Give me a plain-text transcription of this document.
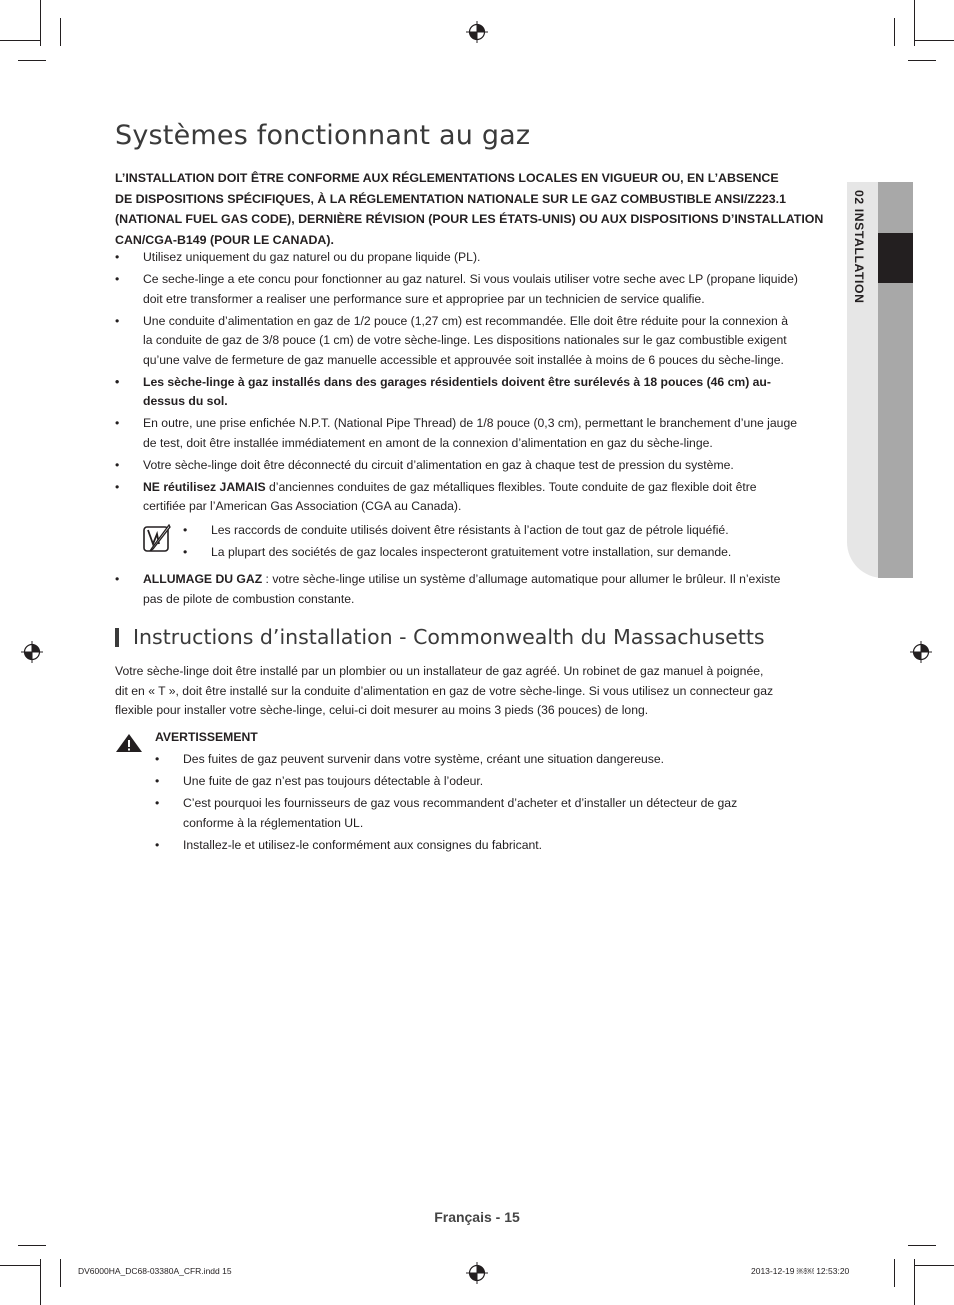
02 INSTALLATION
Systèmes fonctionnant au gaz

L’INSTALLATION DOIT ÊTRE CONFORME AUX RÉGLEMENTATIONS LOCALES EN VIGUEUR OU, EN L’ABSENCE
DE DISPOSITIONS SPÉCIFIQUES, À LA RÉGLEMENTATION NATIONALE SUR LE GAZ COMBUSTIBLE ANSI/Z223.1
(NATIONAL FUEL GAS CODE), DERNIÈRE RÉVISION (POUR LES ÉTATS-UNIS) OU AUX DISPOSITIONS D’INSTALLATION
CAN/CGA-B149 (POUR LE CANADA).

• Utilisez uniquement du gaz naturel ou du propane liquide (PL).
• Ce seche-linge a ete concu pour fonctionner au gaz naturel. Si vous voulais utiliser votre seche avec LP (propane liquide)
doit etre transformer a realiser une performance sure et appropriee par un technicien de service qualifie.
• Une conduite d’alimentation en gaz de 1/2 pouce (1,27 cm) est recommandée. Elle doit être réduite pour la connexion à
la conduite de gaz de 3/8 pouce (1 cm) de votre sèche-linge. Les dispositions nationales sur le gaz combustible exigent
qu’une valve de fermeture de gaz manuelle accessible et approuvée soit installée à moins de 6 pouces du sèche-linge.
• Les sèche-linge à gaz installés dans des garages résidentiels doivent être surélevés à 18 pouces (46 cm) au-
dessus du sol.
• En outre, une prise enfichée N.P.T. (National Pipe Thread) de 1/8 pouce (0,3 cm), permettant le branchement d’une jauge
de test, doit être installée immédiatement en amont de la connexion d’alimentation en gaz du sèche-linge.
• Votre sèche-linge doit être déconnecté du circuit d’alimentation en gaz à chaque test de pression du système.
• NE réutilisez JAMAIS d’anciennes conduites de gaz métalliques flexibles. Toute conduite de gaz flexible doit être
certifiée par l’American Gas Association (CGA au Canada).
• Les raccords de conduite utilisés doivent être résistants à l’action de tout gaz de pétrole liquéfié.
• La plupart des sociétés de gaz locales inspecteront gratuitement votre installation, sur demande.
• ALLUMAGE DU GAZ : votre sèche-linge utilise un système d’allumage automatique pour allumer le brûleur. Il n’existe
pas de pilote de combustion constante.
Instructions d’installation - Commonwealth du Massachusetts

Votre sèche-linge doit être installé par un plombier ou un installateur de gaz agréé. Un robinet de gaz manuel à poignée,
dit en « T », doit être installé sur la conduite d’alimentation en gaz de votre sèche-linge. Si vous utilisez un connecteur gaz
flexible pour installer votre sèche-linge, celui-ci doit mesurer au moins 3 pieds (36 pouces) de long.

AVERTISSEMENT
• Des fuites de gaz peuvent survenir dans votre système, créant une situation dangereuse.
• Une fuite de gaz n’est pas toujours détectable à l’odeur.
• C’est pourquoi les fournisseurs de gaz vous recommandent d’acheter et d’installer un détecteur de gaz
conforme à la réglementation UL.
• Installez-le et utilisez-le conformément aux consignes du fabricant.
Français - 15
DV6000HA_DC68-03380A_CFR.indd 15	2013-12-19 ￼￼ 12:53:20
